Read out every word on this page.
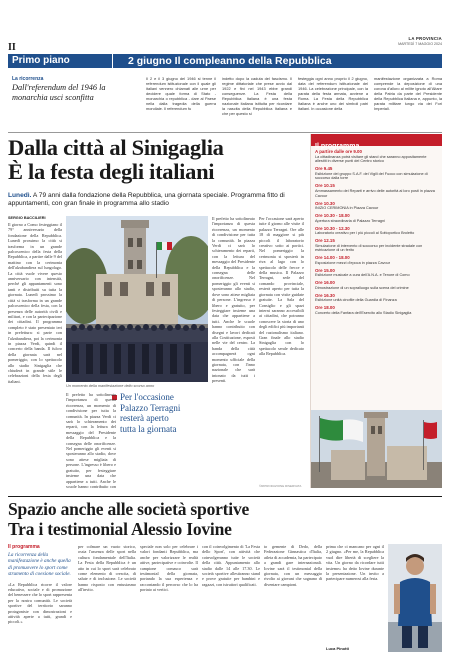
II
LA PROVINCIA
MARTEDÌ 7 MAGGIO 2024
Primo piano	2 giugno Il compleanno della Repubblica
La ricorrenza
Dall'referendum del 1946 la monarchia usci sconfitta
Il 2 e il 3 giugno del 1946 si tenne il referendum istituzionale con il quale gli italiani vennero chiamati alle urne per decidere quale forma di Stato - monarchia o repubblica - dare al Paese nella dalla tragedia della guerra mondiale. Il referendum fu
indetto dopo la caduta del fascismo. Il regime dittatoriale che prese avvio dal 1922 e finì nel 1943 ebbe grandi conseguenze. La Festa della Repubblica Italiana è una festa nazionale italiana istituita per ricordare la nascita della Repubblica Italiana e che per questo si
festeggia ogni anno proprio il 2 giugno, data del referendum istituzionale del 1946. La celebrazione principale, con la parata della festa armata, avviene a Roma. La Festa della Repubblica Italiana è anche uno dei simboli patri italiani. In occasione della
manifestazione organizzata a Roma comprende la deposizione di una corona d'alloro al milite ignoto all'Altare della Patria da parte del Presidente della Repubblica Italiana e, appunto, la parata militare lungo via dei Fori Imperiali.
Dalla città al Sinigaglia
È la festa degli italiani
Lunedì. A 79 anni dalla fondazione della Repubblica, una giornata speciale. Programma fitto di appuntamenti, con gran finale in programma allo stadio
SERGIO BACCILIERI
Il giorno a Como festeggiano il 79° anniversario della fondazione della Repubblica. Lunedì prossimo la città si trasforma in un grande palcoscenico della festa della Repubblica, a partire dalle 9 del mattino con la cerimonia dell'alzabandiera sul lungolago. La città vuole vivere questo anniversario con intensità, perché gli appuntamenti sono tanti e distribuiti su tutta la giornata. Lunedì prossimo la città si trasforma in un grande palcoscenico della festa, con la presenza delle autorità civili e militari, e con la partecipazione dei cittadini. Il programma completo è stato presentato ieri in prefettura: si parte con l'alzabandiera, poi la cerimonia in piazza Verdi, quindi il concerto della banda. Il fulcro della giornata sarà nel pomeriggio, con lo spettacolo allo stadio Sinigaglia che chiuderà in grande stile le celebrazioni della festa degli italiani.
Un momento della manifestazione dello scorso anno
Per l'occasione
Palazzo Terragni
resterà aperto
tutta la giornata
Il prefetto ha sottolineato l'importanza di questa ricorrenza, un momento di condivisione per tutta la comunità. In piazza Verdi ci sarà lo schieramento dei reparti, con la lettura del messaggio del Presidente della Repubblica e la consegna delle onorificenze. Nel pomeriggio gli eventi si sposteranno allo stadio, dove sono attese migliaia di persone. L'ingresso è libero e gratuito, per festeggiare insieme una data che appartiene a tutti. Anche le scuole hanno contribuito con
Il prefetto ha sottolineato l'importanza di questa ricorrenza, un momento di condivisione per tutta la comunità. In piazza Verdi ci sarà lo schieramento dei reparti, con la lettura del messaggio del Presidente della Repubblica e la consegna delle onorificenze. Nel pomeriggio gli eventi si sposteranno allo stadio, dove sono attese migliaia di persone. L'ingresso è libero e gratuito, per festeggiare insieme una data che appartiene a tutti. Anche le scuole hanno contribuito con disegni e lavori dedicati alla Costituzione, esposti nelle vie del centro. La banda della città accompagnerà ogni momento ufficiale della giornata, con l'inno nazionale che sarà intonato da tutti i presenti.
Per l'occasione sarà aperto tutte il giorno alle visite il palazzo Terragni. Ore alle 18 di maggiore si più piccoli il laboratorio creativo sotto ai portici. Nel pomeriggio la cerimonia si sposterà in riva al lago con lo spettacolo delle frecce e della musica. Il Palazzo Terragni, sede del comando provinciale, resterà aperto per tutta la giornata con visite guidate gratuite. La Sala del Consiglio e gli spazi interni saranno accessibili ai cittadini, che potranno conoscere la storia di uno degli edifici più importanti del razionalismo italiano. Gran finale allo stadio Sinigaglia con lo spettacolo serale dedicato alla Repubblica.
©RIPRODUZIONE RISERVATA
Il programma
A partire dalle ore 9.00
La cittadinanza potrà visitare gli stand che saranno appositamente allestiti in diverse punti del Centro storico
Ore 9.45
Esibizione del gruppo S.A.F. dei Vigili del Fuoco con simulazione di soccorso dalla torre
Ore 10.15
Ammassamento dei Reparti e arrivo delle autorità ai loro posti in piazza Cavour
Ore 10.30
INIZIO CERIMONIA in Piazza Cavour
Ore 10.30 - 18.00
Apertura straordinaria di Palazzo Terragni
Ore 10.30 - 12.30
Laboratorio creativo per i più piccoli al Sottoportico Broletto
Ore 12.15
Simulazione di intervento di soccorso per incidente stradale con estricazione di un ferito
Ore 14.00 - 18.00
Esposizione mezzi d'epoca in piazza Cavour
Ore 15.00
Esibizione musicale a cura dell'A.N.A. e Tenore di Como
Ore 16.00
Dimostrazione di un sopralluogo sulla scena del crimine
Ore 16.30
Esibizione unità cinofile della Guardia di Finanza
Ore 18.00
Concerto della Fanfara dell'Esercito allo Stadio Sinigaglia
Spazio anche alle società sportive
Tra i testimonial Alessio Iovine
Il programma
La ricorrenza della manifestazione è anche quella di promuovere lo sport come strumento di coesione sociale.
«La Repubblica ricorre il valore educativo, sociale e di promozione del benessere che lo sport rappresenta per la nostra comunità. Le società sportive del territorio saranno protagoniste con dimostrazioni e attività aperte a tutti, grandi e piccoli.»
per colmare un vuoto storico, ossia l'assenza delle sport nella cultura fondamentale dell'Italia. La Festa della Repubblica è un atto in cui lo sport sarà celebrato come elemento di crescita, di salute e di inclusione. Le società hanno risposto con entusiasmo all'invito.
speciale non solo per celebrare i valori fondanti Repubblica, ma anche per valorizzare le realtà attive, partecipative e coinvolte. Il campione comasco sarà testimonial della giornata, portando la sua esperienza e raccontando il percorso che lo ha portato ai vertici.
con il coinvolgimento di 'La Festa dello Sport', con attività che coinvolgeranno tutte le società della città. Appuntamento allo stadio dalle 14 alle 17.30. Le società sportive allestiranno stand e prove gratuite per bambini e ragazzi, con istruttori qualificati.
to gemente di Dedo, della Federazione Ginnastica d'Italia, atleta di accademia, ha partecipato a grandi gare internazionali. Iovine sarà il testimonial della giornata, con un messaggio rivolto ai giovani che sognano di diventare campioni.
prima che ci mancano per ogni il 2 giugno. «Per me, la Repubblica vuol dire libertà di scegliere la vita. Un giorno da ricordare tutti insieme» ha detto Iovine durante la presentazione. Un invito a partecipare numerosi alla festa.
Luca Pinotti
